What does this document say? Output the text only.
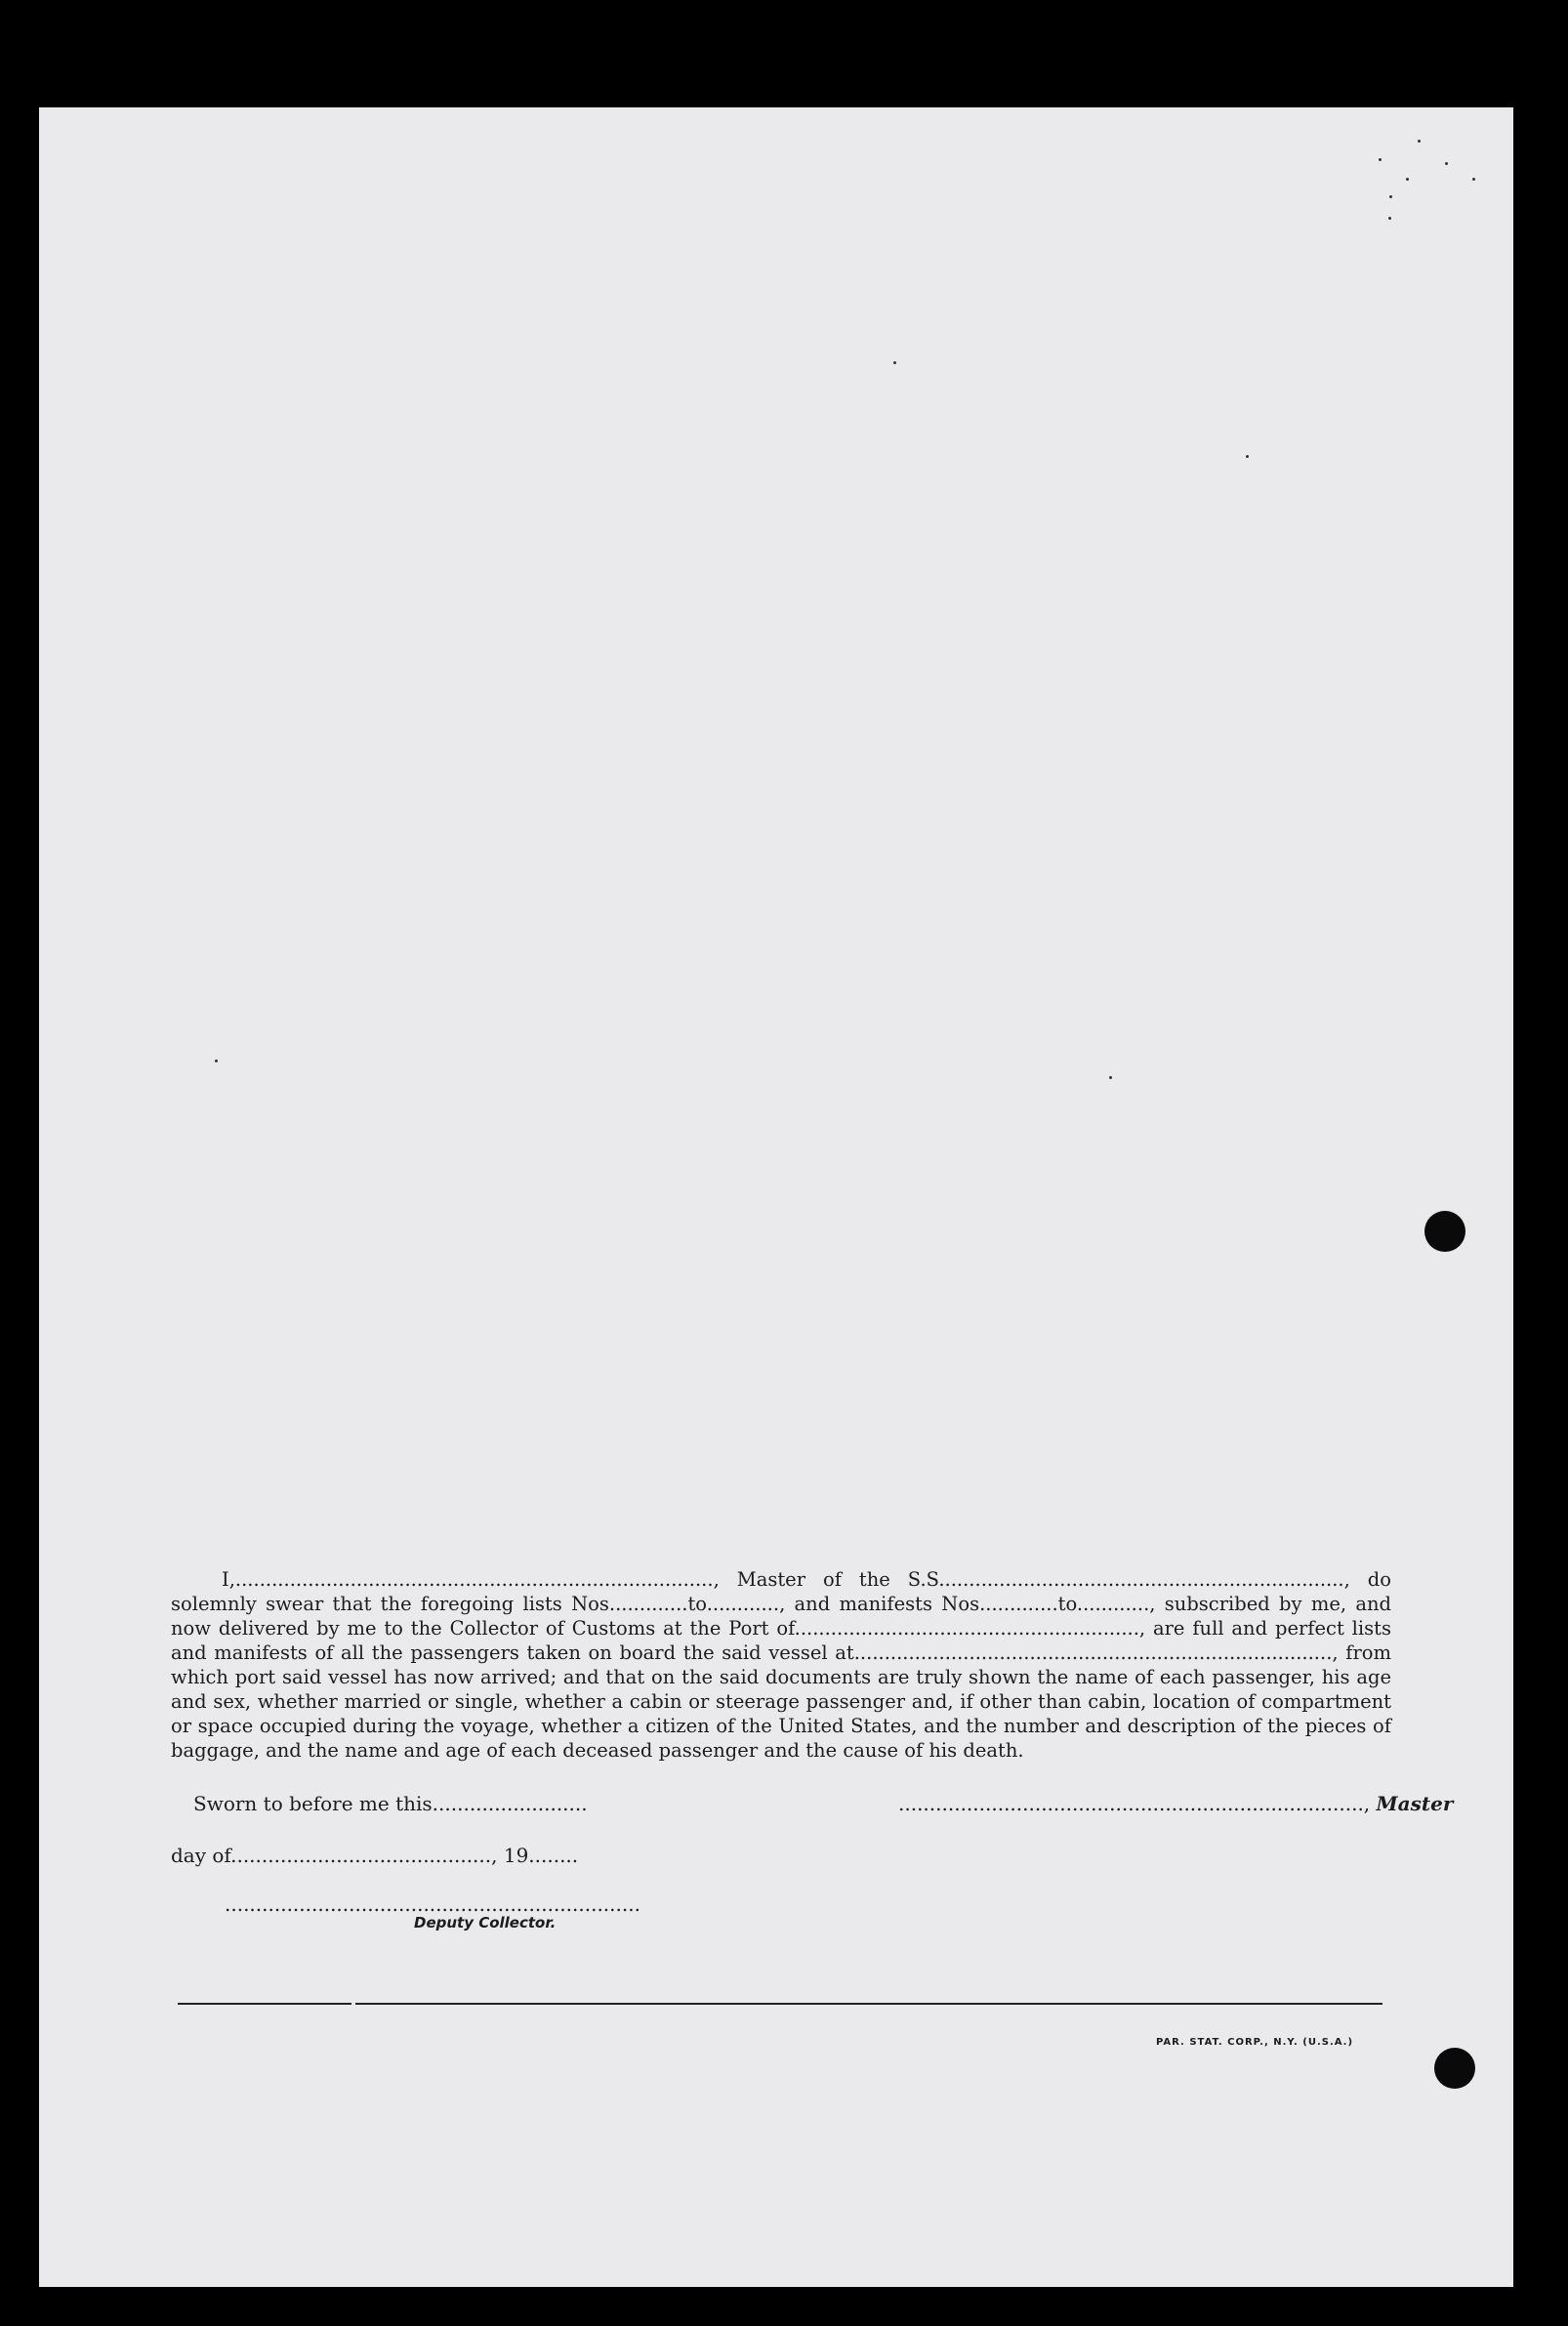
I,..............................................................................., Master of the S.S..................................................................., do solemnly swear that the foregoing lists Nos.............to............, and manifests Nos.............to............, subscribed by me, and now delivered by me to the Collector of Customs at the Port of........................................................., are full and perfect lists and manifests of all the passengers taken on board the said vessel at..............................................................................., from which port said vessel has now arrived; and that on the said documents are truly shown the name of each passenger, his age and sex, whether married or single, whether a cabin or steerage passenger and, if other than cabin, location of compartment or space occupied during the voyage, whether a citizen of the United States, and the number and description of the pieces of baggage, and the name and age of each deceased passenger and the cause of his death.
Sworn to before me this.........................	..........................................................................., Master
day of.........................................., 19........
...................................................................
Deputy Collector.
PAR. STAT. CORP., N.Y. (U.S.A.)
